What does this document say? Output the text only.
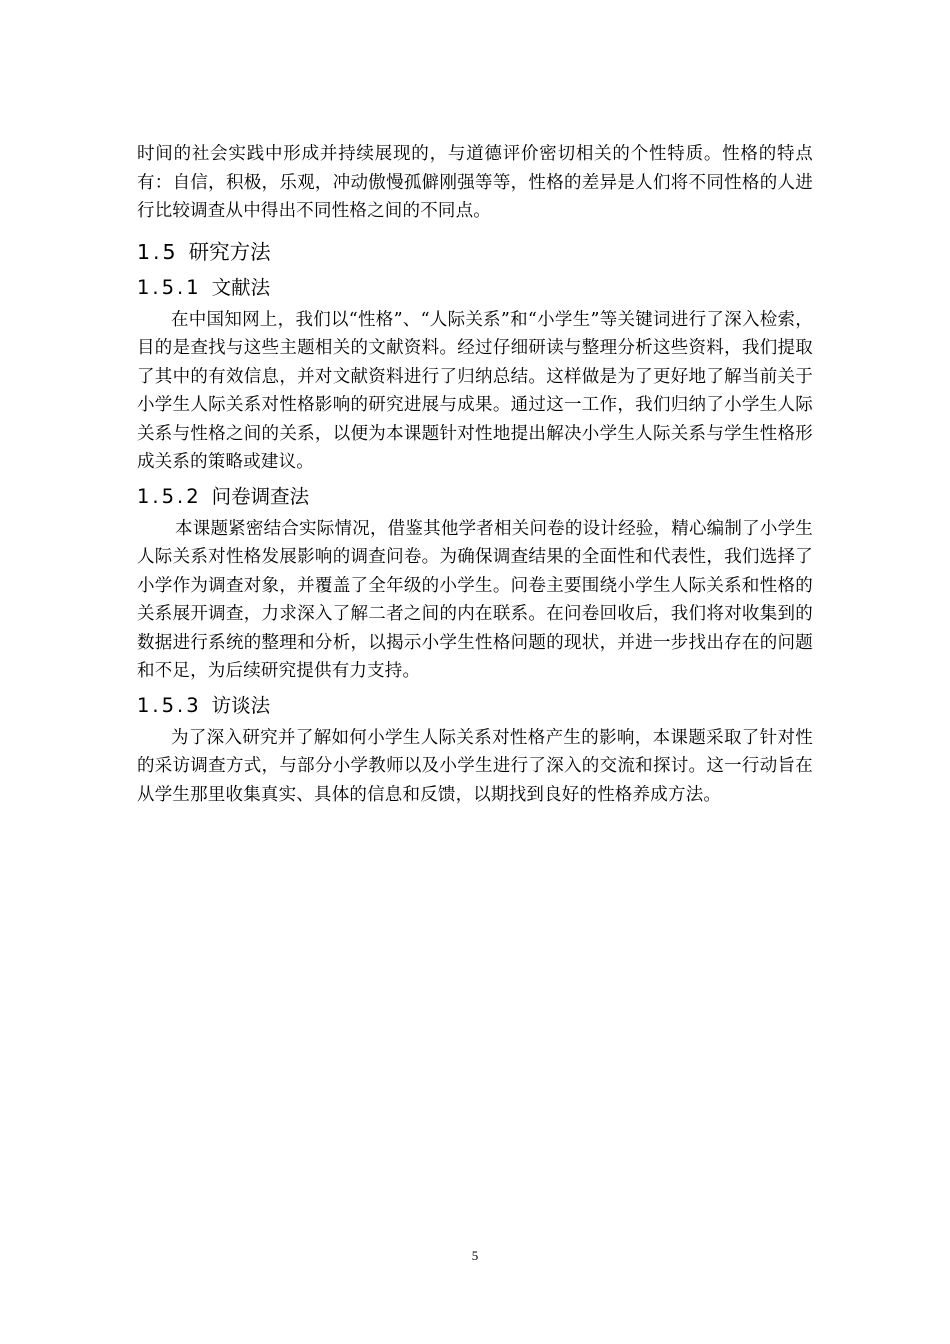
时间的社会实践中形成并持续展现的，与道德评价密切相关的个性特质。性格的特点有：自信，积极，乐观，冲动傲慢孤僻刚强等等，性格的差异是人们将不同性格的人进行比较调查从中得出不同性格之间的不同点。

1.5 研究方法
1.5.1 文献法

在中国知网上，我们以“性格”、“人际关系”和“小学生”等关键词进行了深入检索，目的是查找与这些主题相关的文献资料。经过仔细研读与整理分析这些资料，我们提取了其中的有效信息，并对文献资料进行了归纳总结。这样做是为了更好地了解当前关于小学生人际关系对性格影响的研究进展与成果。通过这一工作，我们归纳了小学生人际关系与性格之间的关系，以便为本课题针对性地提出解决小学生人际关系与学生性格形成关系的策略或建议。

1.5.2 问卷调查法

本课题紧密结合实际情况，借鉴其他学者相关问卷的设计经验，精心编制了小学生人际关系对性格发展影响的调查问卷。为确保调查结果的全面性和代表性，我们选择了小学作为调查对象，并覆盖了全年级的小学生。问卷主要围绕小学生人际关系和性格的关系展开调查，力求深入了解二者之间的内在联系。在问卷回收后，我们将对收集到的数据进行系统的整理和分析，以揭示小学生性格问题的现状，并进一步找出存在的问题和不足，为后续研究提供有力支持。

1.5.3 访谈法

为了深入研究并了解如何小学生人际关系对性格产生的影响，本课题采取了针对性的采访调查方式，与部分小学教师以及小学生进行了深入的交流和探讨。这一行动旨在从学生那里收集真实、具体的信息和反馈，以期找到良好的性格养成方法。

5
